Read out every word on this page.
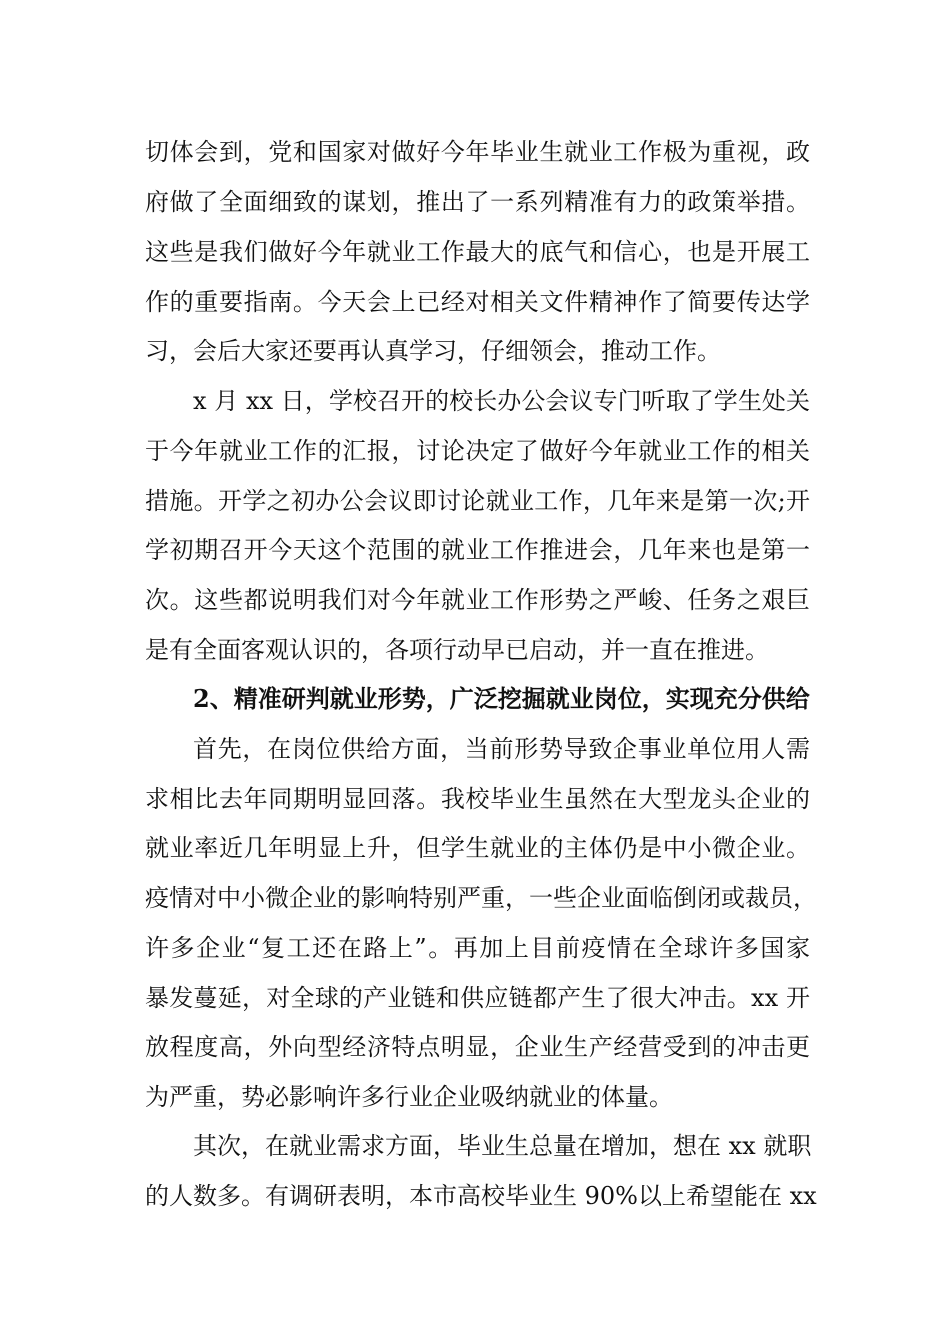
切体会到，党和国家对做好今年毕业生就业工作极为重视，政
府做了全面细致的谋划，推出了一系列精准有力的政策举措。
这些是我们做好今年就业工作最大的底气和信心，也是开展工
作的重要指南。今天会上已经对相关文件精神作了简要传达学
习，会后大家还要再认真学习，仔细领会，推动工作。
x 月 xx 日，学校召开的校长办公会议专门听取了学生处关
于今年就业工作的汇报，讨论决定了做好今年就业工作的相关
措施。开学之初办公会议即讨论就业工作，几年来是第一次;开
学初期召开今天这个范围的就业工作推进会，几年来也是第一
次。这些都说明我们对今年就业工作形势之严峻、任务之艰巨
是有全面客观认识的，各项行动早已启动，并一直在推进。
2、精准研判就业形势，广泛挖掘就业岗位，实现充分供给
首先，在岗位供给方面，当前形势导致企事业单位用人需
求相比去年同期明显回落。我校毕业生虽然在大型龙头企业的
就业率近几年明显上升，但学生就业的主体仍是中小微企业。
疫情对中小微企业的影响特别严重，一些企业面临倒闭或裁员，
许多企业“复工还在路上”。再加上目前疫情在全球许多国家
暴发蔓延，对全球的产业链和供应链都产生了很大冲击。xx 开
放程度高，外向型经济特点明显，企业生产经营受到的冲击更
为严重，势必影响许多行业企业吸纳就业的体量。
其次，在就业需求方面，毕业生总量在增加，想在 xx 就职
的人数多。有调研表明，本市高校毕业生 90%以上希望能在 xx
